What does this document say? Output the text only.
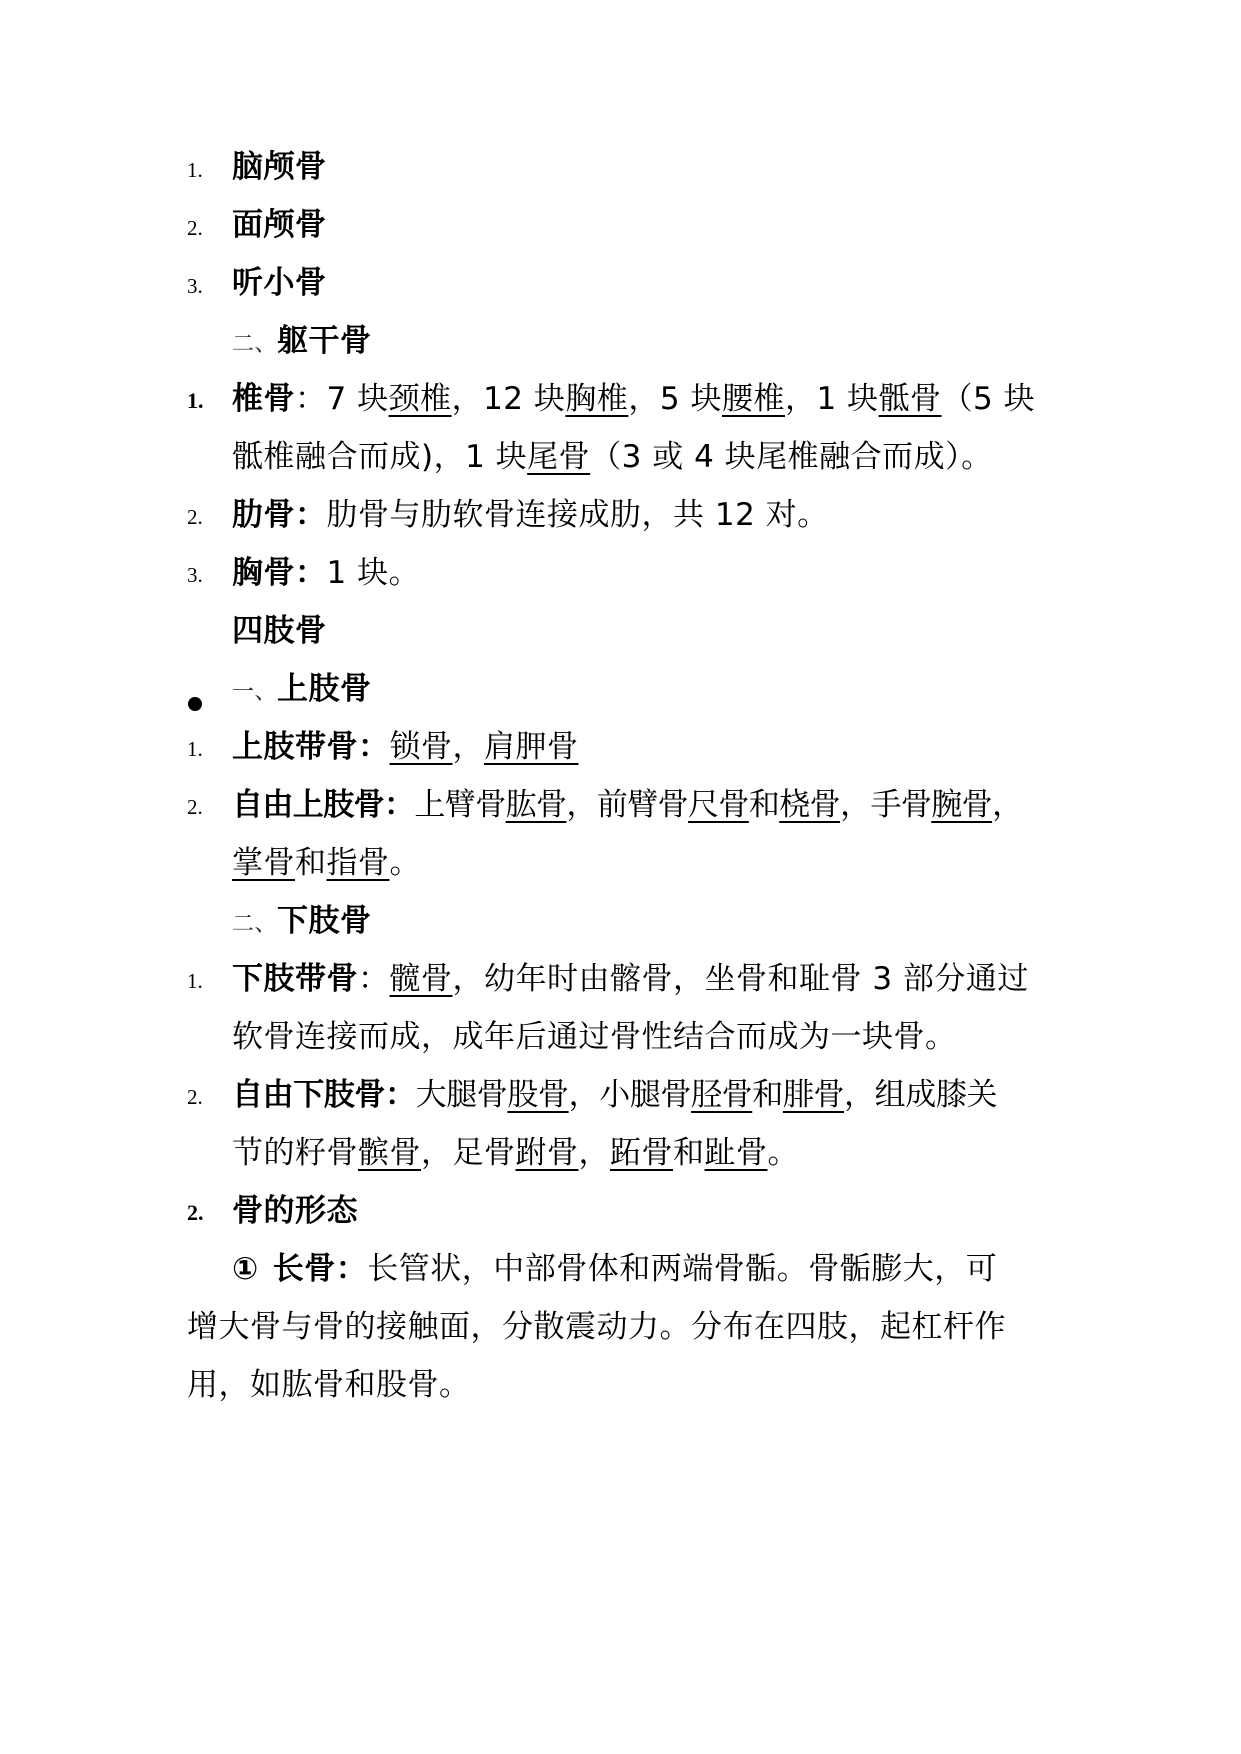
1. 脑颅骨
2. 面颅骨
3. 听小骨
二、躯干骨
1. 椎骨：7 块颈椎，12 块胸椎，5 块腰椎，1 块骶骨（5 块
骶椎融合而成)，1 块尾骨（3 或 4 块尾椎融合而成）。
2. 肋骨：肋骨与肋软骨连接成肋，共 12 对。
3. 胸骨：1 块。
四肢骨
一、上肢骨
1. 上肢带骨：锁骨，肩胛骨
2. 自由上肢骨：上臂骨肱骨，前臂骨尺骨和桡骨，手骨腕骨，
掌骨和指骨。
二、下肢骨
1. 下肢带骨：髋骨，幼年时由髂骨，坐骨和耻骨 3 部分通过
软骨连接而成，成年后通过骨性结合而成为一块骨。
2. 自由下肢骨：大腿骨股骨，小腿骨胫骨和腓骨，组成膝关
节的籽骨髌骨，足骨跗骨，跖骨和趾骨。
2. 骨的形态
① 长骨：长管状，中部骨体和两端骨骺。骨骺膨大，可
增大骨与骨的接触面，分散震动力。分布在四肢，起杠杆作
用，如肱骨和股骨。
